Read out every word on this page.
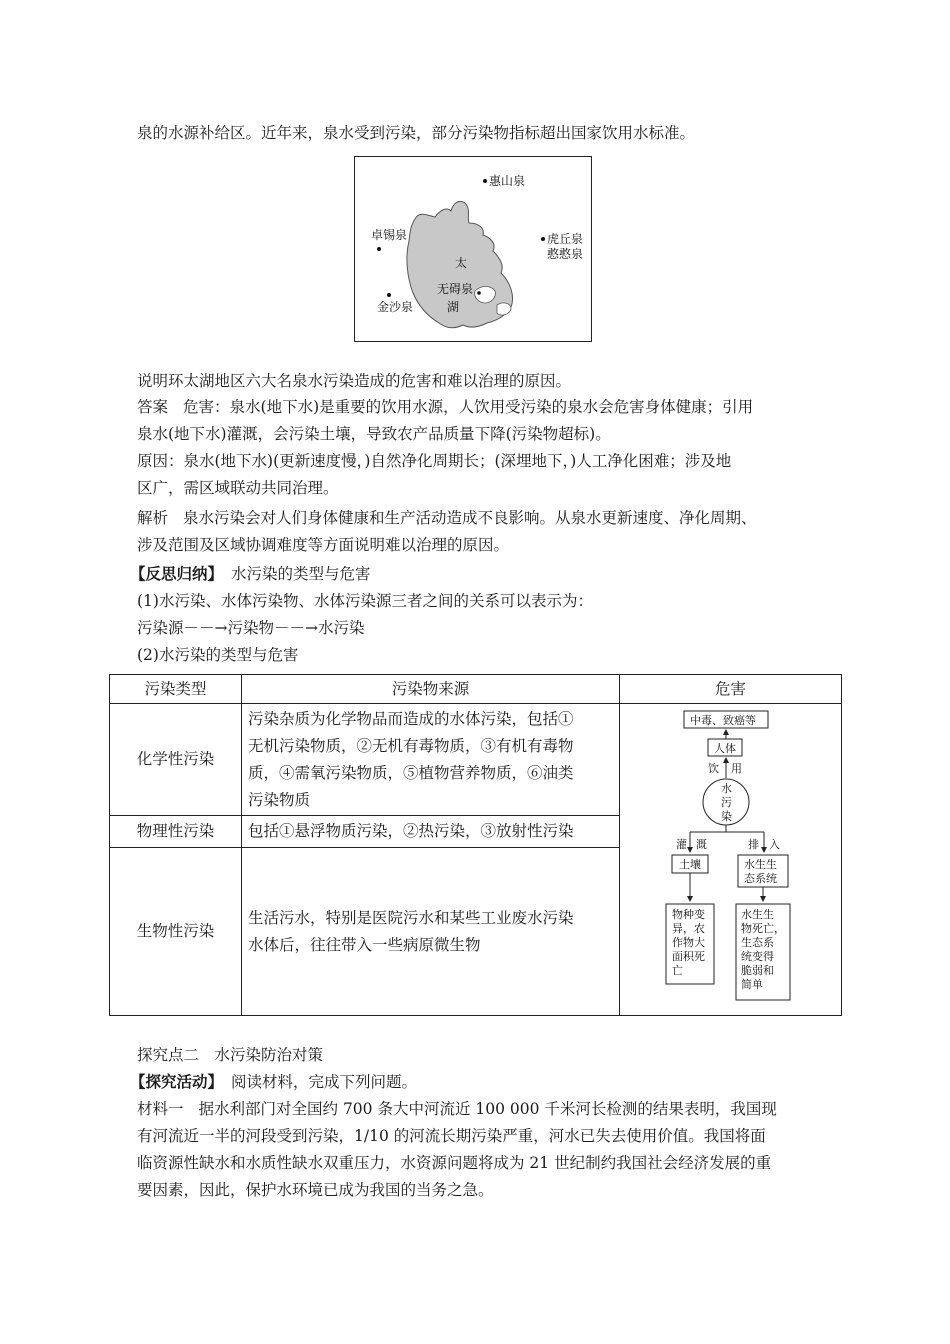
泉的水源补给区。近年来，泉水受到污染，部分污染物指标超出国家饮用水标准。
惠山泉
卓锡泉	虎丘泉
憨憨泉
无碍泉
金沙泉
太
湖
说明环太湖地区六大名泉水污染造成的危害和难以治理的原因。
答案 危害：泉水(地下水)是重要的饮用水源，人饮用受污染的泉水会危害身体健康；引用
泉水(地下水)灌溉，会污染土壤，导致农产品质量下降(污染物超标)。
原因：泉水(地下水)(更新速度慢，)自然净化周期长；(深埋地下，)人工净化困难；涉及地
区广，需区域联动共同治理。
解析 泉水污染会对人们身体健康和生产活动造成不良影响。从泉水更新速度、净化周期、
涉及范围及区域协调难度等方面说明难以治理的原因。
【反思归纳】 水污染的类型与危害
(1)水污染、水体污染物、水体污染源三者之间的关系可以表示为：
污染源－－→污染物－－→水污染
(2)水污染的类型与危害
污染类型	污染物来源	危害
化学性污染	污染杂质为化学物品而造成的水体污染，包括①
无机污染物质，②无机有毒物质，③有机有毒物
质，④需氧污染物质，⑤植物营养物质，⑥油类
污染物质	

物理性污染	包括①悬浮物质污染，②热污染，③放射性污染	

生物性污染	生活污水，特别是医院污水和某些工业废水污染
水体后，往往带入一些病原微生物	
中毒、致癌等
人体
饮 用
水
污
染
灌 溉	排 入
土壤	水生生
态系统
物种变
异，农
作物大
面积死
亡
水生生
物死亡，
生态系
统变得
脆弱和
简单
探究点二　水污染防治对策
【探究活动】 阅读材料，完成下列问题。
材料一 据水利部门对全国约 700 条大中河流近 100 000 千米河长检测的结果表明，我国现
有河流近一半的河段受到污染，1/10 的河流长期污染严重，河水已失去使用价值。我国将面
临资源性缺水和水质性缺水双重压力，水资源问题将成为 21 世纪制约我国社会经济发展的重
要因素，因此，保护水环境已成为我国的当务之急。
